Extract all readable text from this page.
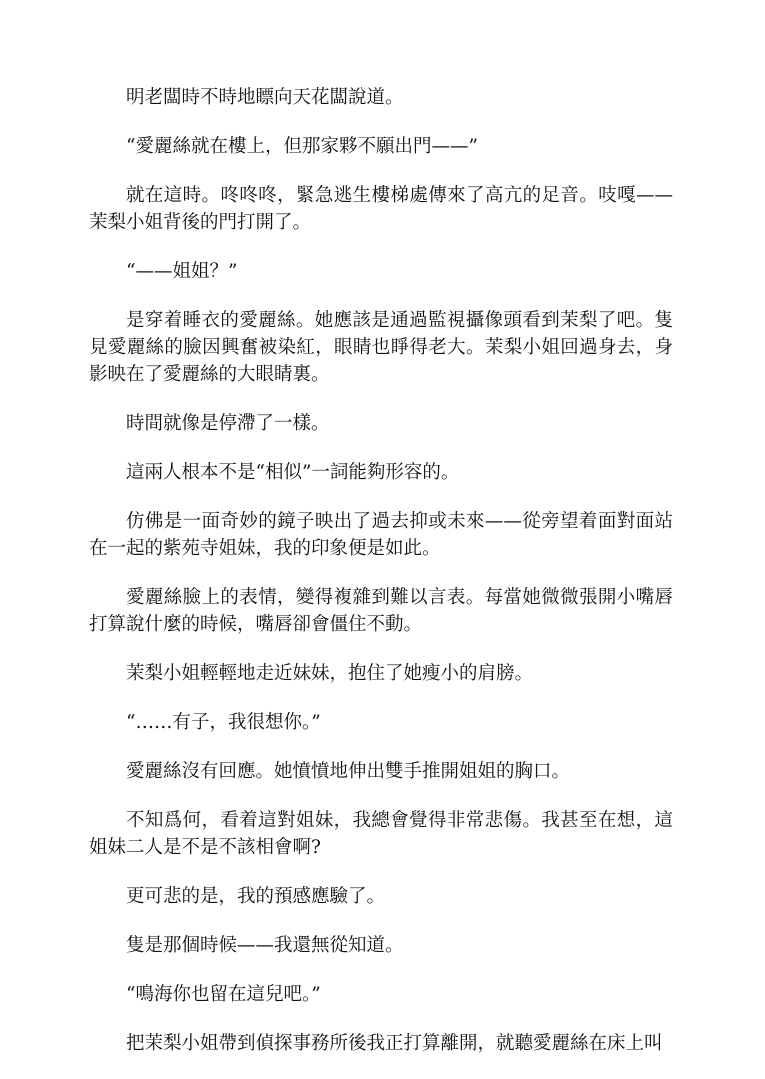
明老闆時不時地瞟向天花闆說道。

“愛麗絲就在樓上，但那家夥不願出門——”

就在這時。咚咚咚，緊急逃生樓梯處傳來了高亢的足音。吱嘎——茉梨小姐背後的門打開了。

“——姐姐？”

是穿着睡衣的愛麗絲。她應該是通過監視攝像頭看到茉梨了吧。隻見愛麗絲的臉因興奮被染紅，眼睛也睜得老大。茉梨小姐回過身去，身影映在了愛麗絲的大眼睛裏。

時間就像是停滯了一樣。

這兩人根本不是“相似”一詞能夠形容的。

仿佛是一面奇妙的鏡子映出了過去抑或未來——從旁望着面對面站在一起的紫苑寺姐妹，我的印象便是如此。

愛麗絲臉上的表情，變得複雜到難以言表。每當她微微張開小嘴唇打算說什麼的時候，嘴唇卻會僵住不動。

茉梨小姐輕輕地走近妹妹，抱住了她瘦小的肩膀。

“……有子，我很想你。”

愛麗絲沒有回應。她憤憤地伸出雙手推開姐姐的胸口。

不知爲何，看着這對姐妹，我總會覺得非常悲傷。我甚至在想，這姐妹二人是不是不該相會啊?

更可悲的是，我的預感應驗了。

隻是那個時候——我還無從知道。

“鳴海你也留在這兒吧。”

把茉梨小姐帶到偵探事務所後我正打算離開，就聽愛麗絲在床上叫
